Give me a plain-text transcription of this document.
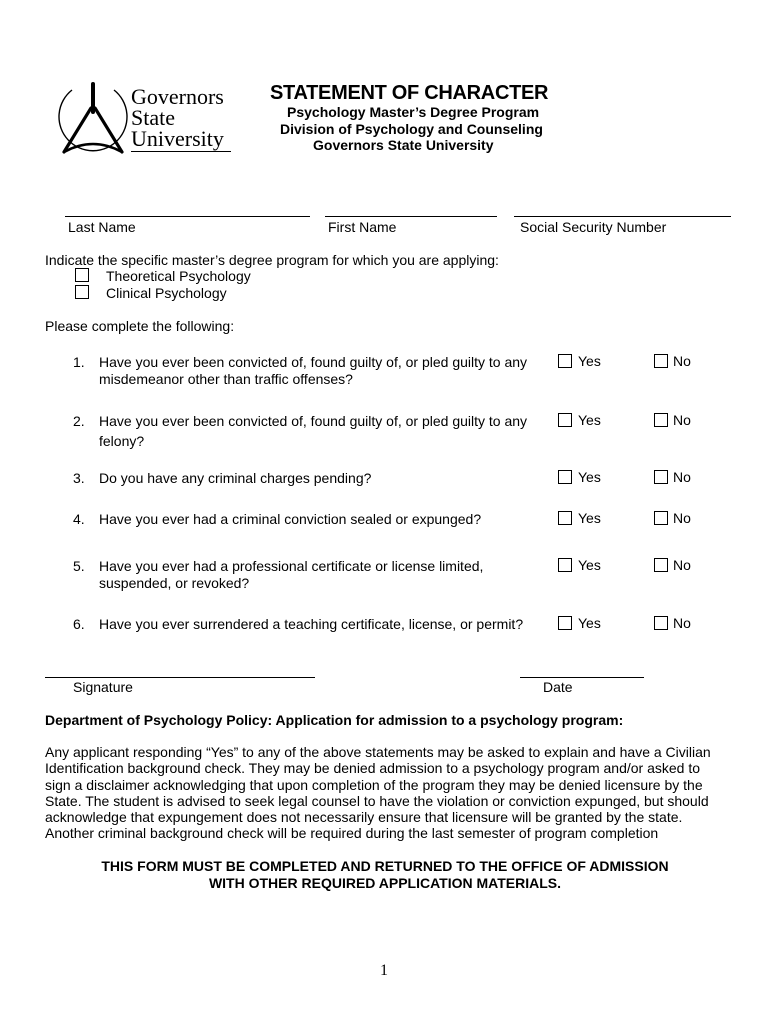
Governors
State
University
STATEMENT OF CHARACTER
Psychology Master’s Degree Program
Division of Psychology and Counseling
Governors State University
Last Name	First Name	Social Security Number
Indicate the specific master’s degree program for which you are applying:
Theoretical Psychology
Clinical Psychology
Please complete the following:
1. Have you ever been convicted of, found guilty of, or pled guilty to any misdemeanor other than traffic offenses?
Yes	No
2. Have you ever been convicted of, found guilty of, or pled guilty to any
felony?
Yes	No
3. Do you have any criminal charges pending?	Yes	No
4. Have you ever had a criminal conviction sealed or expunged?	Yes	No
5. Have you ever had a professional certificate or license limited, suspended, or revoked?
Yes	No
6. Have you ever surrendered a teaching certificate, license, or permit?	Yes	No
Signature	Date
Department of Psychology Policy: Application for admission to a psychology program:
Any applicant responding “Yes” to any of the above statements may be asked to explain and have a Civilian
Identification background check. They may be denied admission to a psychology program and/or asked to
sign a disclaimer acknowledging that upon completion of the program they may be denied licensure by the
State. The student is advised to seek legal counsel to have the violation or conviction expunged, but should
acknowledge that expungement does not necessarily ensure that licensure will be granted by the state.
Another criminal background check will be required during the last semester of program completion
THIS FORM MUST BE COMPLETED AND RETURNED TO THE OFFICE OF ADMISSION
WITH OTHER REQUIRED APPLICATION MATERIALS.
1
